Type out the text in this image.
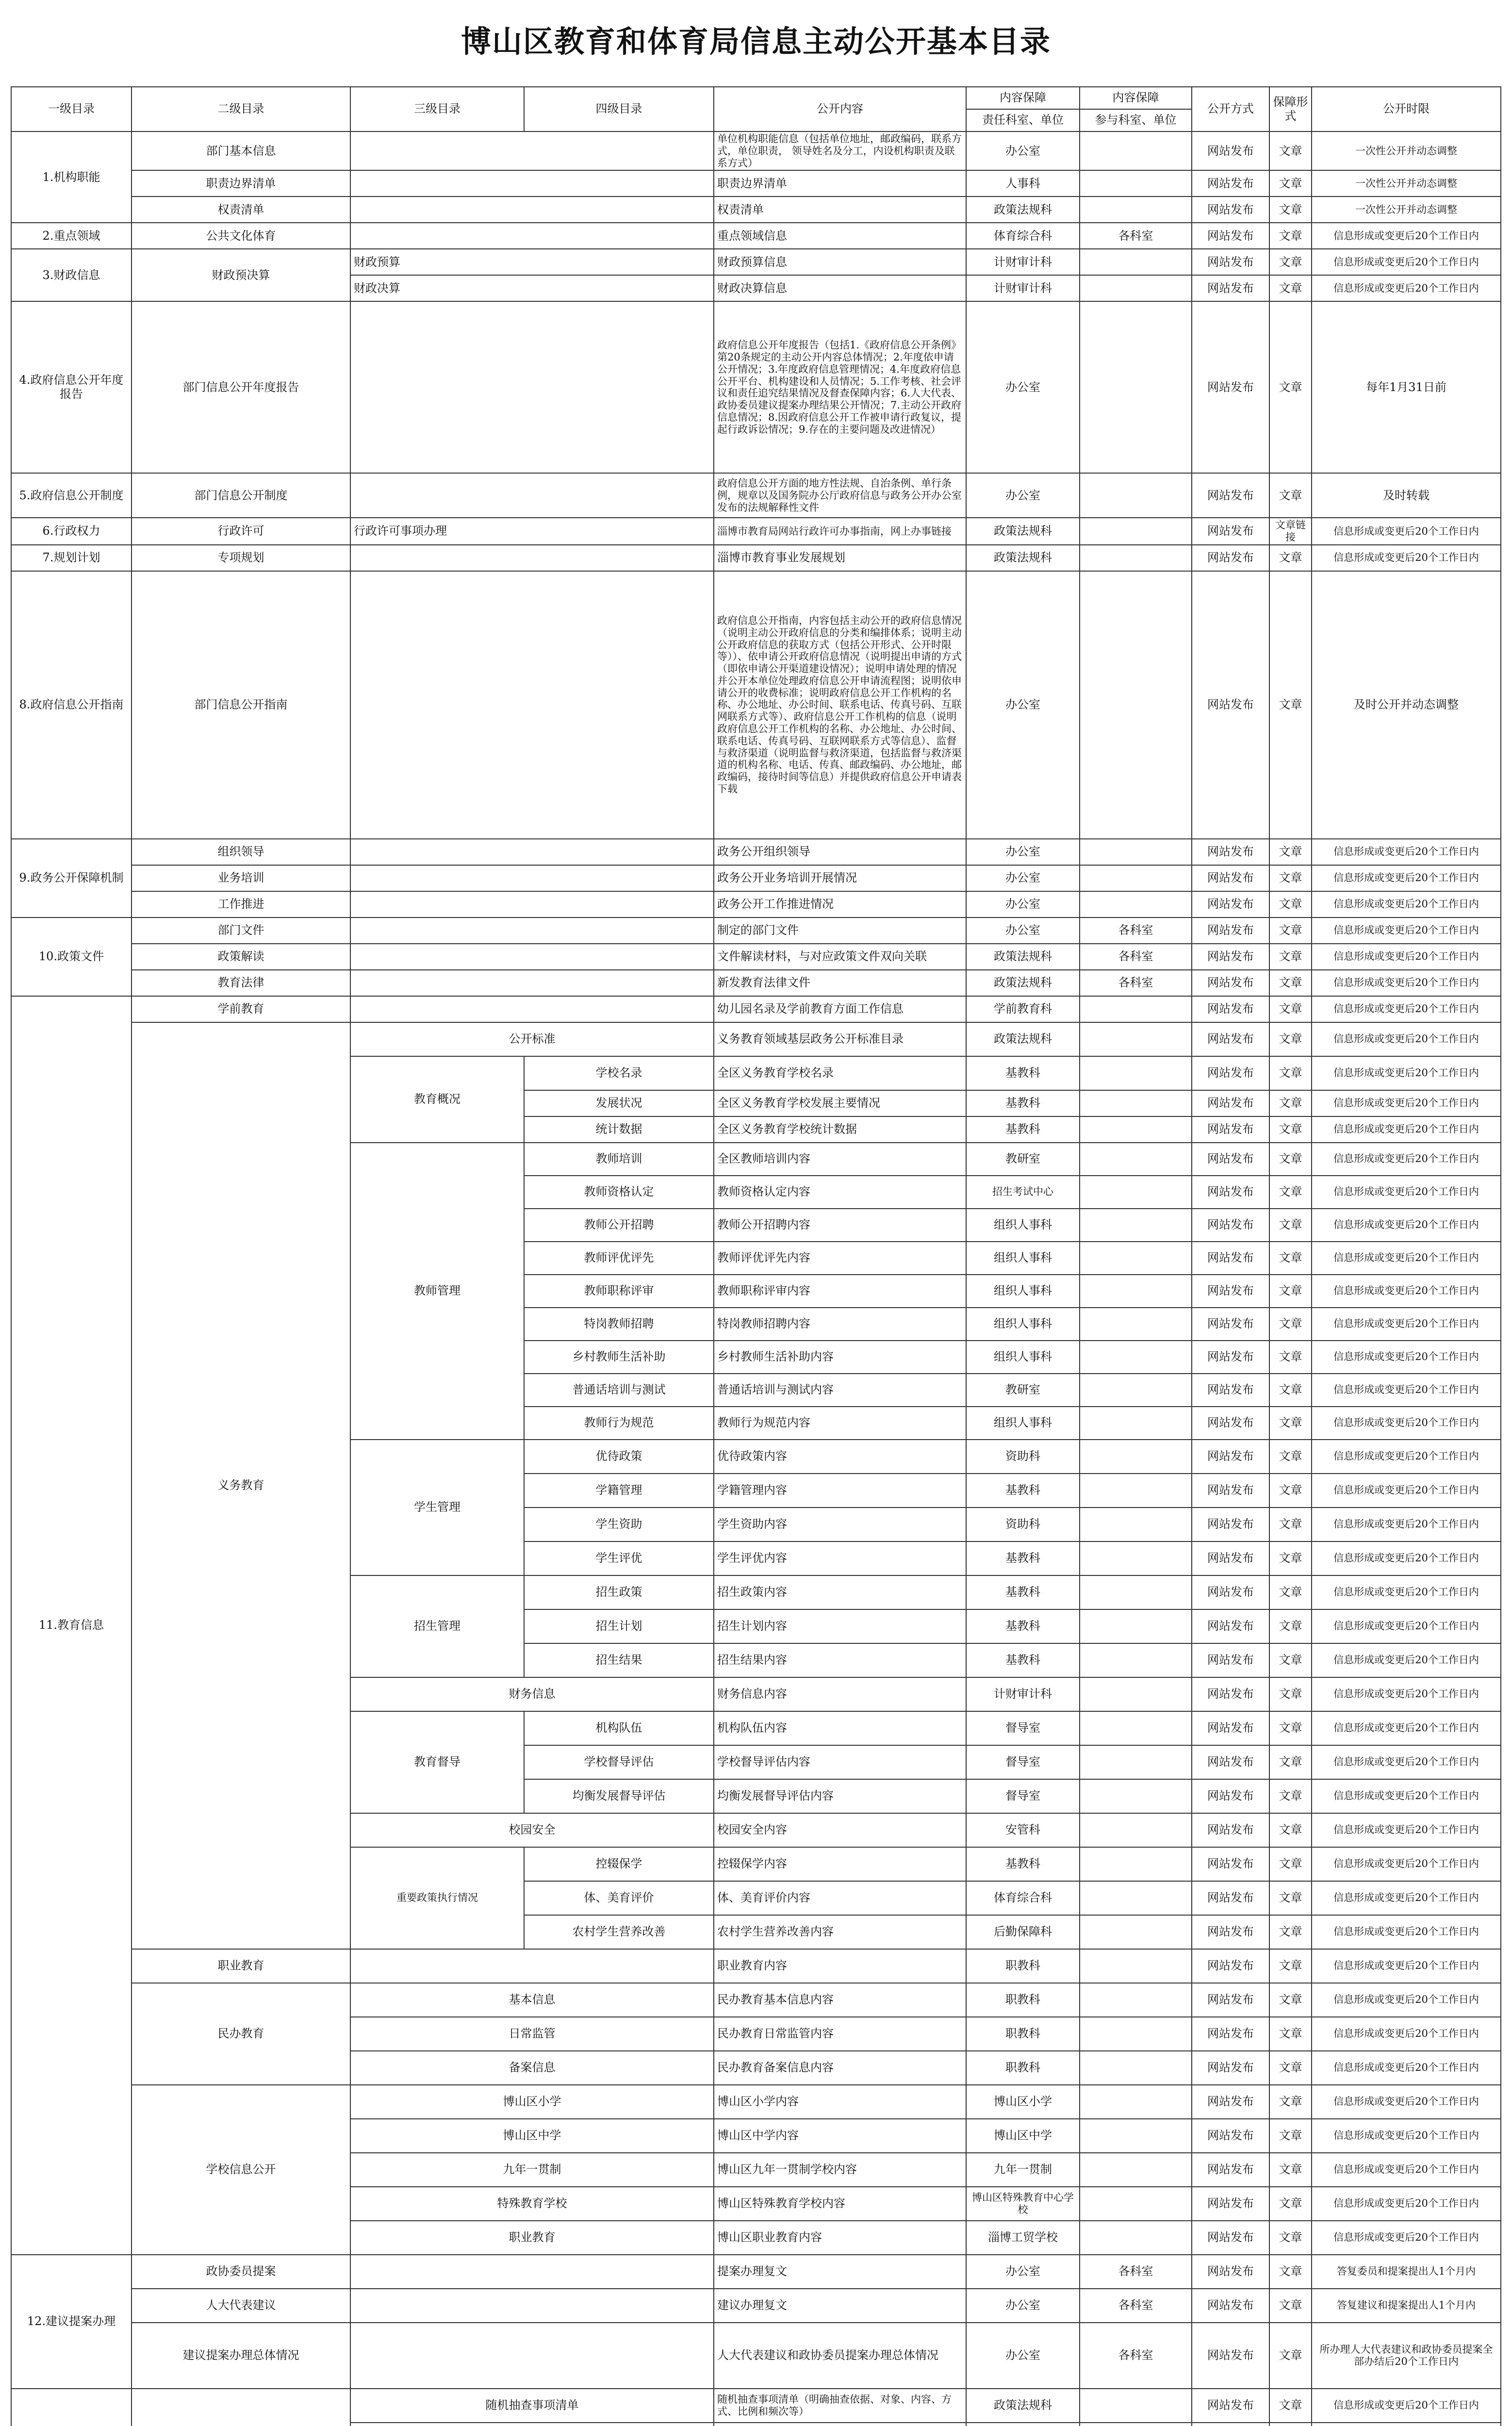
博山区教育和体育局信息主动公开基本目录
一级目录	二级目录	三级目录	四级目录	公开内容	内容保障	内容保障	公开方式	保障形式	公开时限
					责任科室、单位	参与科室、单位			
1.机构职能	部门基本信息			单位机构职能信息（包括单位地址，邮政编码，联系方式，单位职责， 领导姓名及分工，内设机构职责及联系方式）	办公室		网站发布	文章	一次性公开并动态调整
	职责边界清单			职责边界清单	人事科		网站发布	文章	一次性公开并动态调整
	权责清单			权责清单	政策法规科		网站发布	文章	一次性公开并动态调整
2.重点领域	公共文化体育			重点领域信息	体育综合科	各科室	网站发布	文章	信息形成或变更后20个工作日内
3.财政信息	财政预决算	财政预算		财政预算信息	计财审计科		网站发布	文章	信息形成或变更后20个工作日内
		财政决算		财政决算信息	计财审计科		网站发布	文章	信息形成或变更后20个工作日内
4.政府信息公开年度报告	部门信息公开年度报告			政府信息公开年度报告（包括1.《政府信息公开条例》第20条规定的主动公开内容总体情况；2.年度依申请公开情况；3.年度政府信息管理情况；4.年度政府信息公开平台、机构建设和人员情况；5.工作考核、社会评议和责任追究结果情况及督查保障内容；6.人大代表、政协委员建议提案办理结果公开情况；7.主动公开政府信息情况；8.因政府信息公开工作被申请行政复议，提起行政诉讼情况；9.存在的主要问题及改进情况）	办公室		网站发布	文章	每年1月31日前
5.政府信息公开制度	部门信息公开制度			政府信息公开方面的地方性法规、自治条例、单行条例，规章以及国务院办公厅政府信息与政务公开办公室发布的法规解释性文件	办公室		网站发布	文章	及时转载
6.行政权力	行政许可	行政许可事项办理		淄博市教育局网站行政许可办事指南，网上办事链接	政策法规科		网站发布	文章链接	信息形成或变更后20个工作日内
7.规划计划	专项规划			淄博市教育事业发展规划	政策法规科		网站发布	文章	信息形成或变更后20个工作日内
8.政府信息公开指南	部门信息公开指南			政府信息公开指南，内容包括主动公开的政府信息情况（说明主动公开政府信息的分类和编排体系；说明主动公开政府信息的获取方式（包括公开形式、公开时限等））、依申请公开政府信息情况（说明提出申请的方式（即依申请公开渠道建设情况）；说明申请处理的情况并公开本单位处理政府信息公开申请流程图；说明依申请公开的收费标准；说明政府信息公开工作机构的名称、办公地址、办公时间、联系电话、传真号码、互联网联系方式等）、政府信息公开工作机构的信息（说明政府信息公开工作机构的名称、办公地址、办公时间、联系电话、传真号码、互联网联系方式等信息）、监督与救济渠道（说明监督与救济渠道，包括监督与救济渠道的机构名称、电话、传真、邮政编码、办公地址，邮政编码，接待时间等信息）并提供政府信息公开申请表下载	办公室		网站发布	文章	及时公开并动态调整
9.政务公开保障机制	组织领导			政务公开组织领导	办公室		网站发布	文章	信息形成或变更后20个工作日内
	业务培训			政务公开业务培训开展情况	办公室		网站发布	文章	信息形成或变更后20个工作日内
	工作推进			政务公开工作推进情况	办公室		网站发布	文章	信息形成或变更后20个工作日内
10.政策文件	部门文件			制定的部门文件	办公室	各科室	网站发布	文章	信息形成或变更后20个工作日内
	政策解读			文件解读材料，与对应政策文件双向关联	政策法规科	各科室	网站发布	文章	信息形成或变更后20个工作日内
	教育法律			新发教育法律文件	政策法规科	各科室	网站发布	文章	信息形成或变更后20个工作日内
11.教育信息	学前教育			幼儿园名录及学前教育方面工作信息	学前教育科		网站发布	文章	信息形成或变更后20个工作日内
	义务教育	公开标准		义务教育领域基层政务公开标准目录	政策法规科		网站发布	文章	信息形成或变更后20个工作日内
		教育概况	学校名录	全区义务教育学校名录	基教科		网站发布	文章	信息形成或变更后20个工作日内
			发展状况	全区义务教育学校发展主要情况	基教科		网站发布	文章	信息形成或变更后20个工作日内
			统计数据	全区义务教育学校统计数据	基教科		网站发布	文章	信息形成或变更后20个工作日内
		教师管理	教师培训	全区教师培训内容	教研室		网站发布	文章	信息形成或变更后20个工作日内
			教师资格认定	教师资格认定内容	招生考试中心		网站发布	文章	信息形成或变更后20个工作日内
			教师公开招聘	教师公开招聘内容	组织人事科		网站发布	文章	信息形成或变更后20个工作日内
			教师评优评先	教师评优评先内容	组织人事科		网站发布	文章	信息形成或变更后20个工作日内
			教师职称评审	教师职称评审内容	组织人事科		网站发布	文章	信息形成或变更后20个工作日内
			特岗教师招聘	特岗教师招聘内容	组织人事科		网站发布	文章	信息形成或变更后20个工作日内
			乡村教师生活补助	乡村教师生活补助内容	组织人事科		网站发布	文章	信息形成或变更后20个工作日内
			普通话培训与测试	普通话培训与测试内容	教研室		网站发布	文章	信息形成或变更后20个工作日内
			教师行为规范	教师行为规范内容	组织人事科		网站发布	文章	信息形成或变更后20个工作日内
		学生管理	优待政策	优待政策内容	资助科		网站发布	文章	信息形成或变更后20个工作日内
			学籍管理	学籍管理内容	基教科		网站发布	文章	信息形成或变更后20个工作日内
			学生资助	学生资助内容	资助科		网站发布	文章	信息形成或变更后20个工作日内
			学生评优	学生评优内容	基教科		网站发布	文章	信息形成或变更后20个工作日内
		招生管理	招生政策	招生政策内容	基教科		网站发布	文章	信息形成或变更后20个工作日内
			招生计划	招生计划内容	基教科		网站发布	文章	信息形成或变更后20个工作日内
			招生结果	招生结果内容	基教科		网站发布	文章	信息形成或变更后20个工作日内
		财务信息		财务信息内容	计财审计科		网站发布	文章	信息形成或变更后20个工作日内
		教育督导	机构队伍	机构队伍内容	督导室		网站发布	文章	信息形成或变更后20个工作日内
			学校督导评估	学校督导评估内容	督导室		网站发布	文章	信息形成或变更后20个工作日内
			均衡发展督导评估	均衡发展督导评估内容	督导室		网站发布	文章	信息形成或变更后20个工作日内
		校园安全		校园安全内容	安管科		网站发布	文章	信息形成或变更后20个工作日内
		重要政策执行情况	控辍保学	控辍保学内容	基教科		网站发布	文章	信息形成或变更后20个工作日内
			体、美育评价	体、美育评价内容	体育综合科		网站发布	文章	信息形成或变更后20个工作日内
			农村学生营养改善	农村学生营养改善内容	后勤保障科		网站发布	文章	信息形成或变更后20个工作日内
	职业教育			职业教育内容	职教科		网站发布	文章	信息形成或变更后20个工作日内
	民办教育	基本信息		民办教育基本信息内容	职教科		网站发布	文章	信息形成或变更后20个工作日内
		日常监管		民办教育日常监管内容	职教科		网站发布	文章	信息形成或变更后20个工作日内
		备案信息		民办教育备案信息内容	职教科		网站发布	文章	信息形成或变更后20个工作日内
	学校信息公开	博山区小学		博山区小学内容	博山区小学		网站发布	文章	信息形成或变更后20个工作日内
		博山区中学		博山区中学内容	博山区中学		网站发布	文章	信息形成或变更后20个工作日内
		九年一贯制		博山区九年一贯制学校内容	九年一贯制		网站发布	文章	信息形成或变更后20个工作日内
		特殊教育学校		博山区特殊教育学校内容	博山区特殊教育中心学校		网站发布	文章	信息形成或变更后20个工作日内
		职业教育		博山区职业教育内容	淄博工贸学校		网站发布	文章	信息形成或变更后20个工作日内
12.建议提案办理	政协委员提案			提案办理复文	办公室	各科室	网站发布	文章	答复委员和提案提出人1个月内
	人大代表建议			建议办理复文	办公室	各科室	网站发布	文章	答复建议和提案提出人1个月内
	建议提案办理总体情况			人大代表建议和政协委员提案办理总体情况	办公室	各科室	网站发布	文章	所办理人大代表建议和政协委员提案全部办结后20个工作日内
		随机抽查事项清单		随机抽查事项清单（明确抽查依据、对象、内容、方式、比例和频次等）	政策法规科		网站发布	文章	信息形成或变更后20个工作日内
